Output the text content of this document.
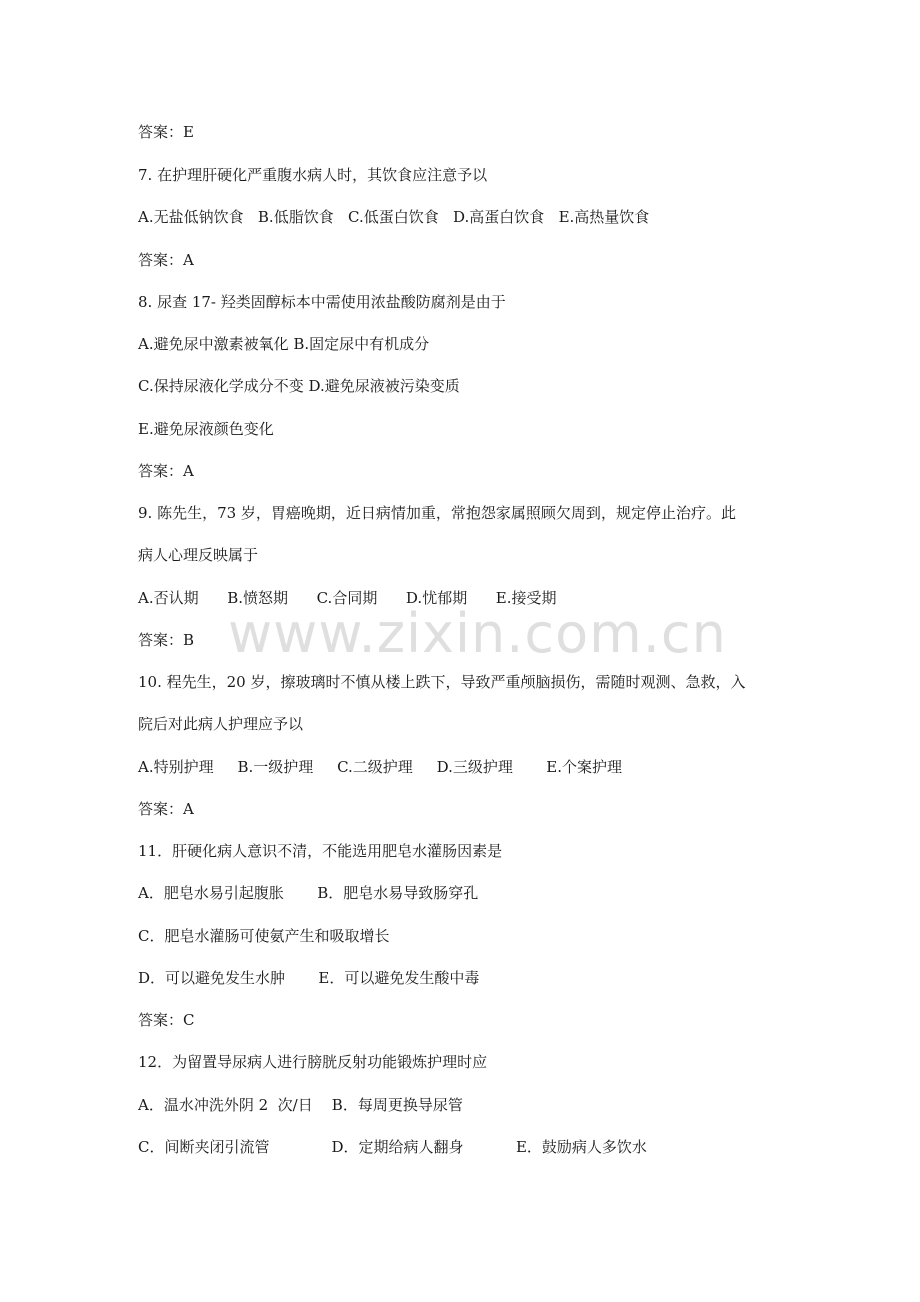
答案：E
7. 在护理肝硬化严重腹水病人时，其饮食应注意予以
A.无盐低钠饮食   B.低脂饮食   C.低蛋白饮食   D.高蛋白饮食   E.高热量饮食
答案：A
8. 尿查 17- 羟类固醇标本中需使用浓盐酸防腐剂是由于
A.避免尿中激素被氧化 B.固定尿中有机成分
C.保持尿液化学成分不变 D.避免尿液被污染变质
E.避免尿液颜色变化
答案：A
9. 陈先生，73 岁，胃癌晚期，近日病情加重，常抱怨家属照顾欠周到，规定停止治疗。此
病人心理反映属于
A.否认期      B.愤怒期      C.合同期      D.忧郁期      E.接受期
答案：B
10. 程先生，20 岁，擦玻璃时不慎从楼上跌下，导致严重颅脑损伤，需随时观测、急救，入
院后对此病人护理应予以
A.特别护理     B.一级护理     C.二级护理     D.三级护理       E.个案护理
答案：A
11．肝硬化病人意识不清，不能选用肥皂水灌肠因素是
A．肥皂水易引起腹胀       B．肥皂水易导致肠穿孔
C．肥皂水灌肠可使氨产生和吸取增长
D．可以避免发生水肿       E．可以避免发生酸中毒
答案：C
12．为留置导尿病人进行膀胱反射功能锻炼护理时应
A．温水冲洗外阴 2  次/日    B．每周更换导尿管
C．间断夹闭引流管             D．定期给病人翻身           E．鼓励病人多饮水
www.zixin.com.cn
